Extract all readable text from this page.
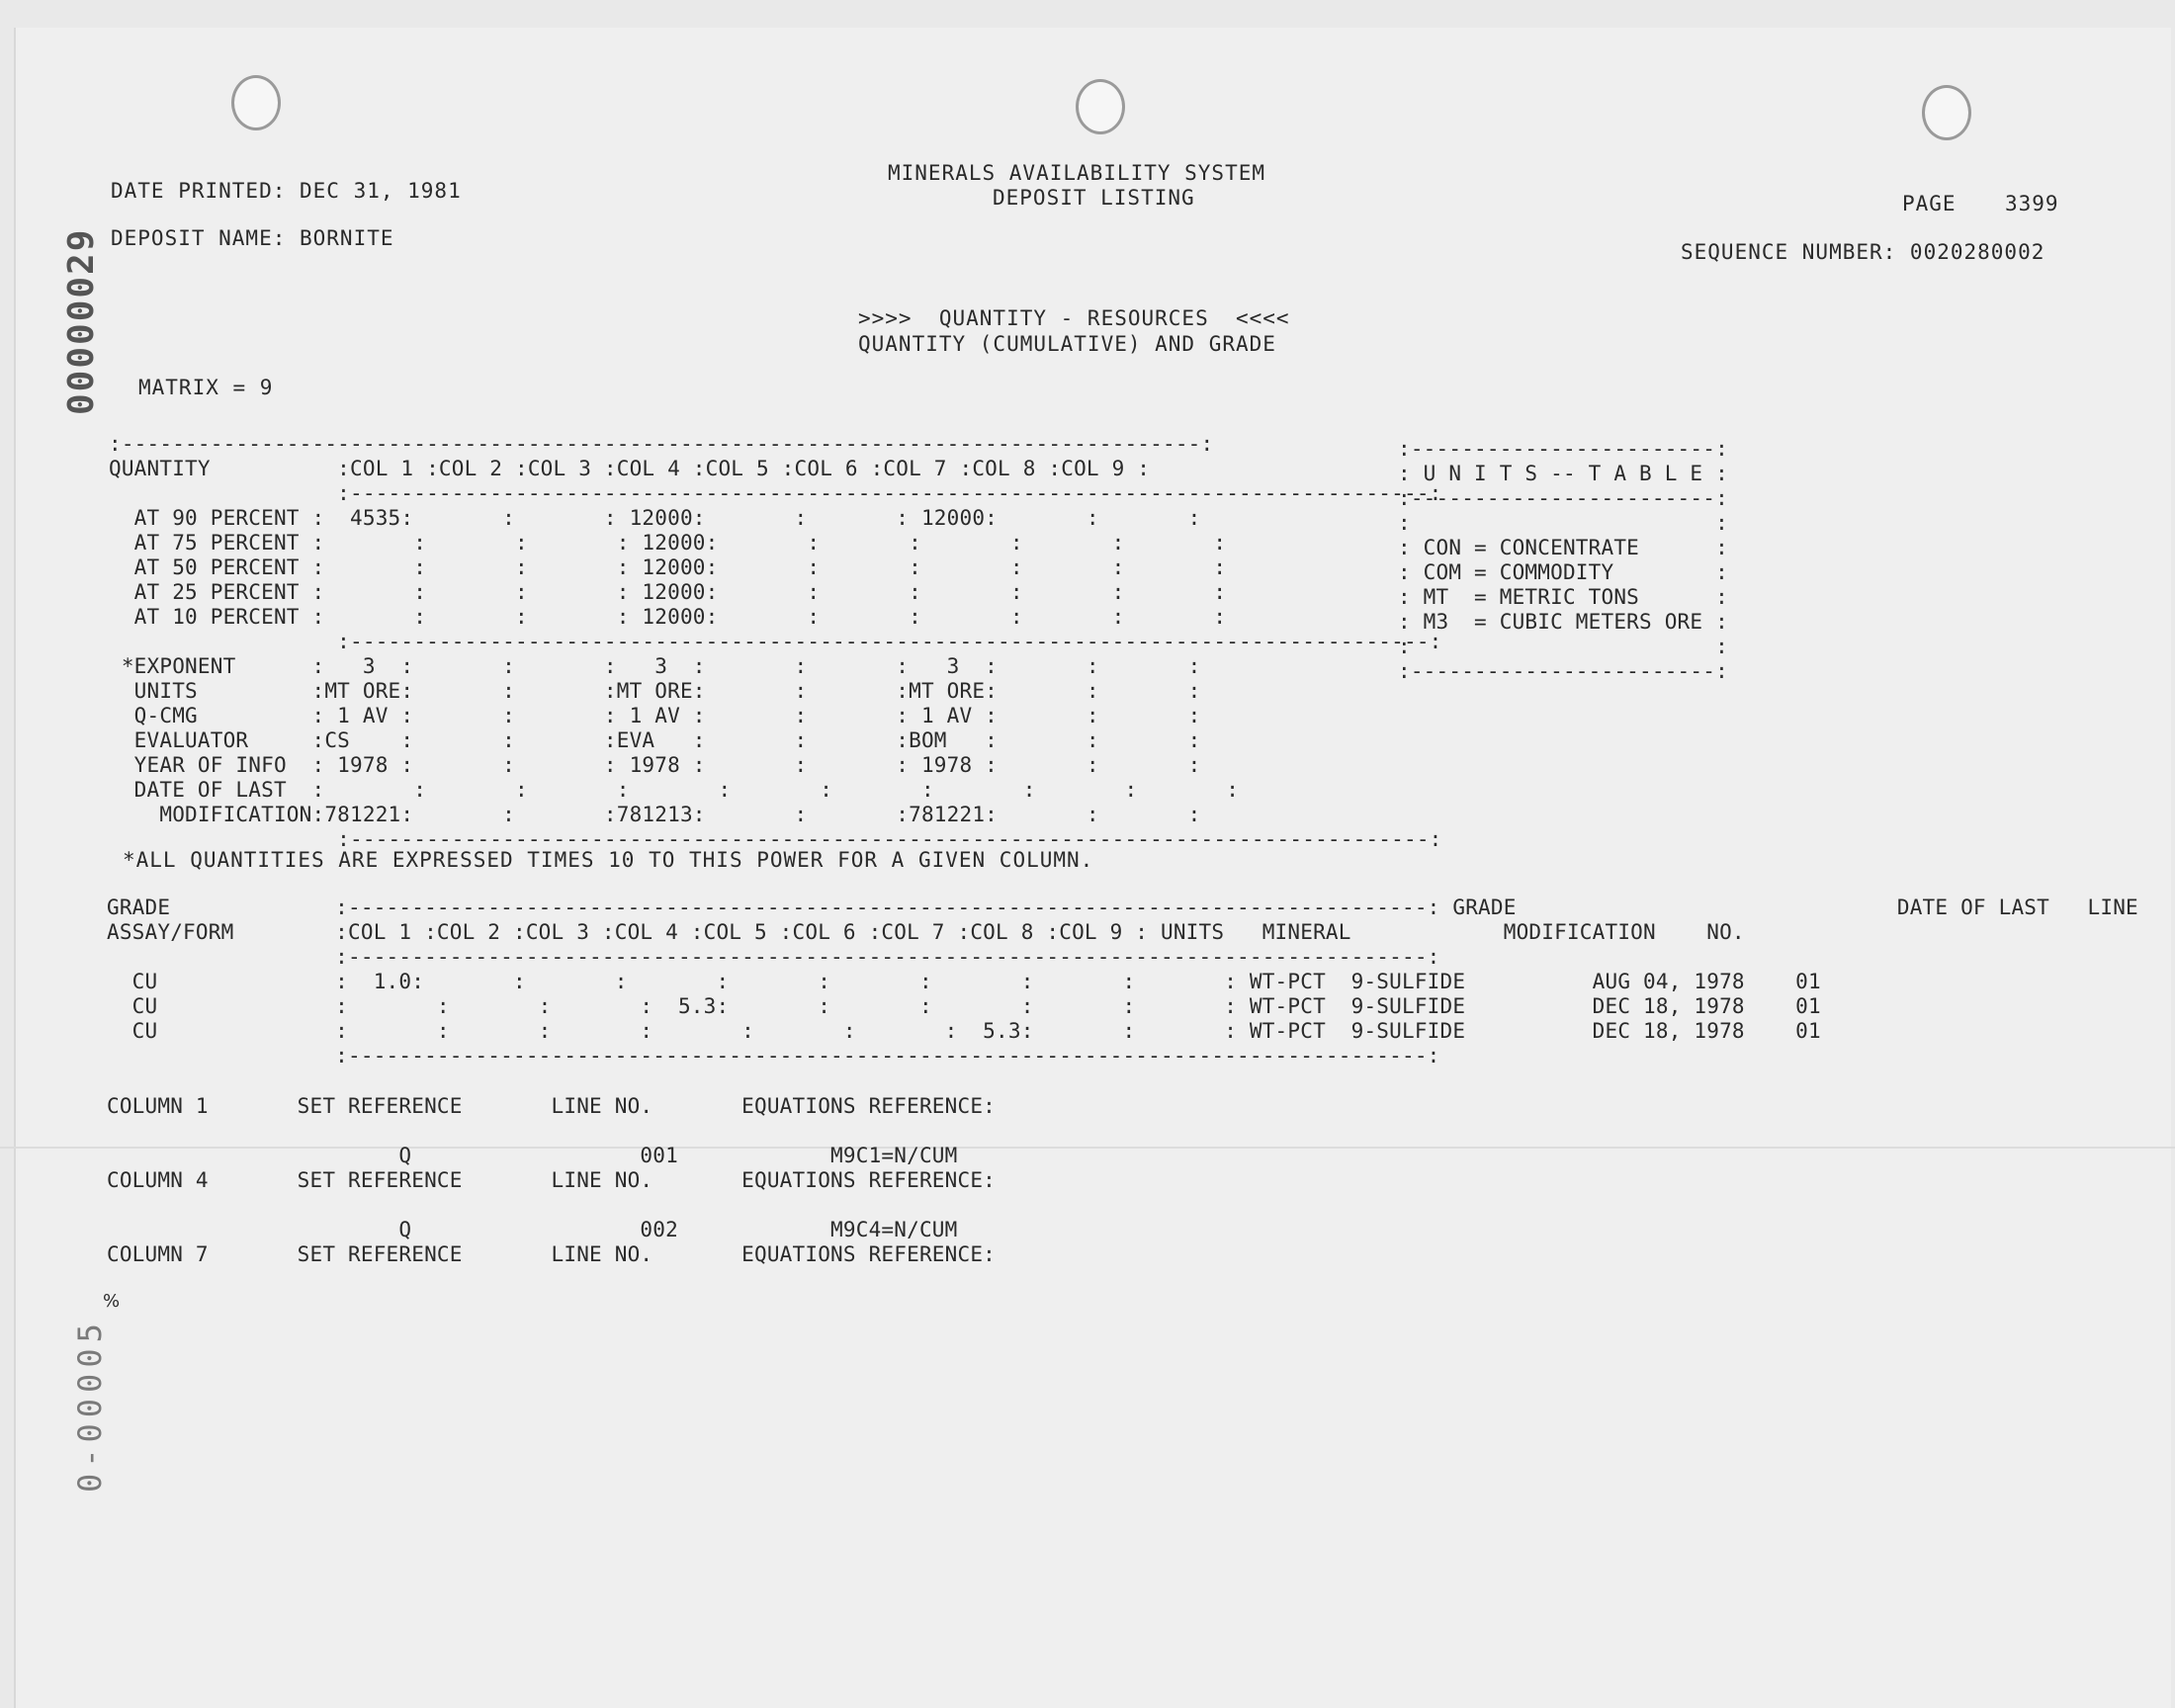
00000029
0-00005
%
DATE PRINTED: DEC 31, 1981
DEPOSIT NAME: BORNITE
MINERALS AVAILABILITY SYSTEM
DEPOSIT LISTING	PAGE 3399
SEQUENCE NUMBER: 0020280002
>>>>  QUANTITY - RESOURCES  <<<<
QUANTITY (CUMULATIVE) AND GRADE
MATRIX = 9
:-------------------------------------------------------------------------------------:
QUANTITY          :COL 1 :COL 2 :COL 3 :COL 4 :COL 5 :COL 6 :COL 7 :COL 8 :COL 9 :
:-------------------------------------------------------------------------------------:
AT 90 PERCENT :  4535:       :       : 12000:       :       : 12000:       :       :
AT 75 PERCENT :       :       :       : 12000:       :       :       :       :       :
AT 50 PERCENT :       :       :       : 12000:       :       :       :       :       :
AT 25 PERCENT :       :       :       : 12000:       :       :       :       :       :
AT 10 PERCENT :       :       :       : 12000:       :       :       :       :       :
:-------------------------------------------------------------------------------------:
*EXPONENT      :   3  :       :       :   3  :       :       :   3  :       :       :
UNITS         :MT ORE:       :       :MT ORE:       :       :MT ORE:       :       :
Q-CMG         : 1 AV :       :       : 1 AV :       :       : 1 AV :       :       :
EVALUATOR     :CS    :       :       :EVA   :       :       :BOM   :       :       :
YEAR OF INFO  : 1978 :       :       : 1978 :       :       : 1978 :       :       :
DATE OF LAST  :       :       :       :       :       :       :       :       :       :
MODIFICATION:781221:       :       :781213:       :       :781221:       :       :
:-------------------------------------------------------------------------------------:
:------------------------:
: U N I T S -- T A B L E :
:------------------------:
:                        :
: CON = CONCENTRATE      :
: COM = COMMODITY        :
: MT  = METRIC TONS      :
: M3  = CUBIC METERS ORE :
:                        :
:------------------------:
*ALL QUANTITIES ARE EXPRESSED TIMES 10 TO THIS POWER FOR A GIVEN COLUMN.
GRADE             :-------------------------------------------------------------------------------------: GRADE                              DATE OF LAST   LINE
ASSAY/FORM        :COL 1 :COL 2 :COL 3 :COL 4 :COL 5 :COL 6 :COL 7 :COL 8 :COL 9 : UNITS   MINERAL            MODIFICATION    NO.
:-------------------------------------------------------------------------------------:
CU              :  1.0:       :       :       :       :       :       :       :       : WT-PCT  9-SULFIDE          AUG 04, 1978    01
CU              :       :       :       :  5.3:       :       :       :       :       : WT-PCT  9-SULFIDE          DEC 18, 1978    01
CU              :       :       :       :       :       :       :  5.3:       :       : WT-PCT  9-SULFIDE          DEC 18, 1978    01
:-------------------------------------------------------------------------------------:
COLUMN 1       SET REFERENCE       LINE NO.       EQUATIONS REFERENCE:

Q                  001            M9C1=N/CUM
COLUMN 4       SET REFERENCE       LINE NO.       EQUATIONS REFERENCE:

Q                  002            M9C4=N/CUM
COLUMN 7       SET REFERENCE       LINE NO.       EQUATIONS REFERENCE:
